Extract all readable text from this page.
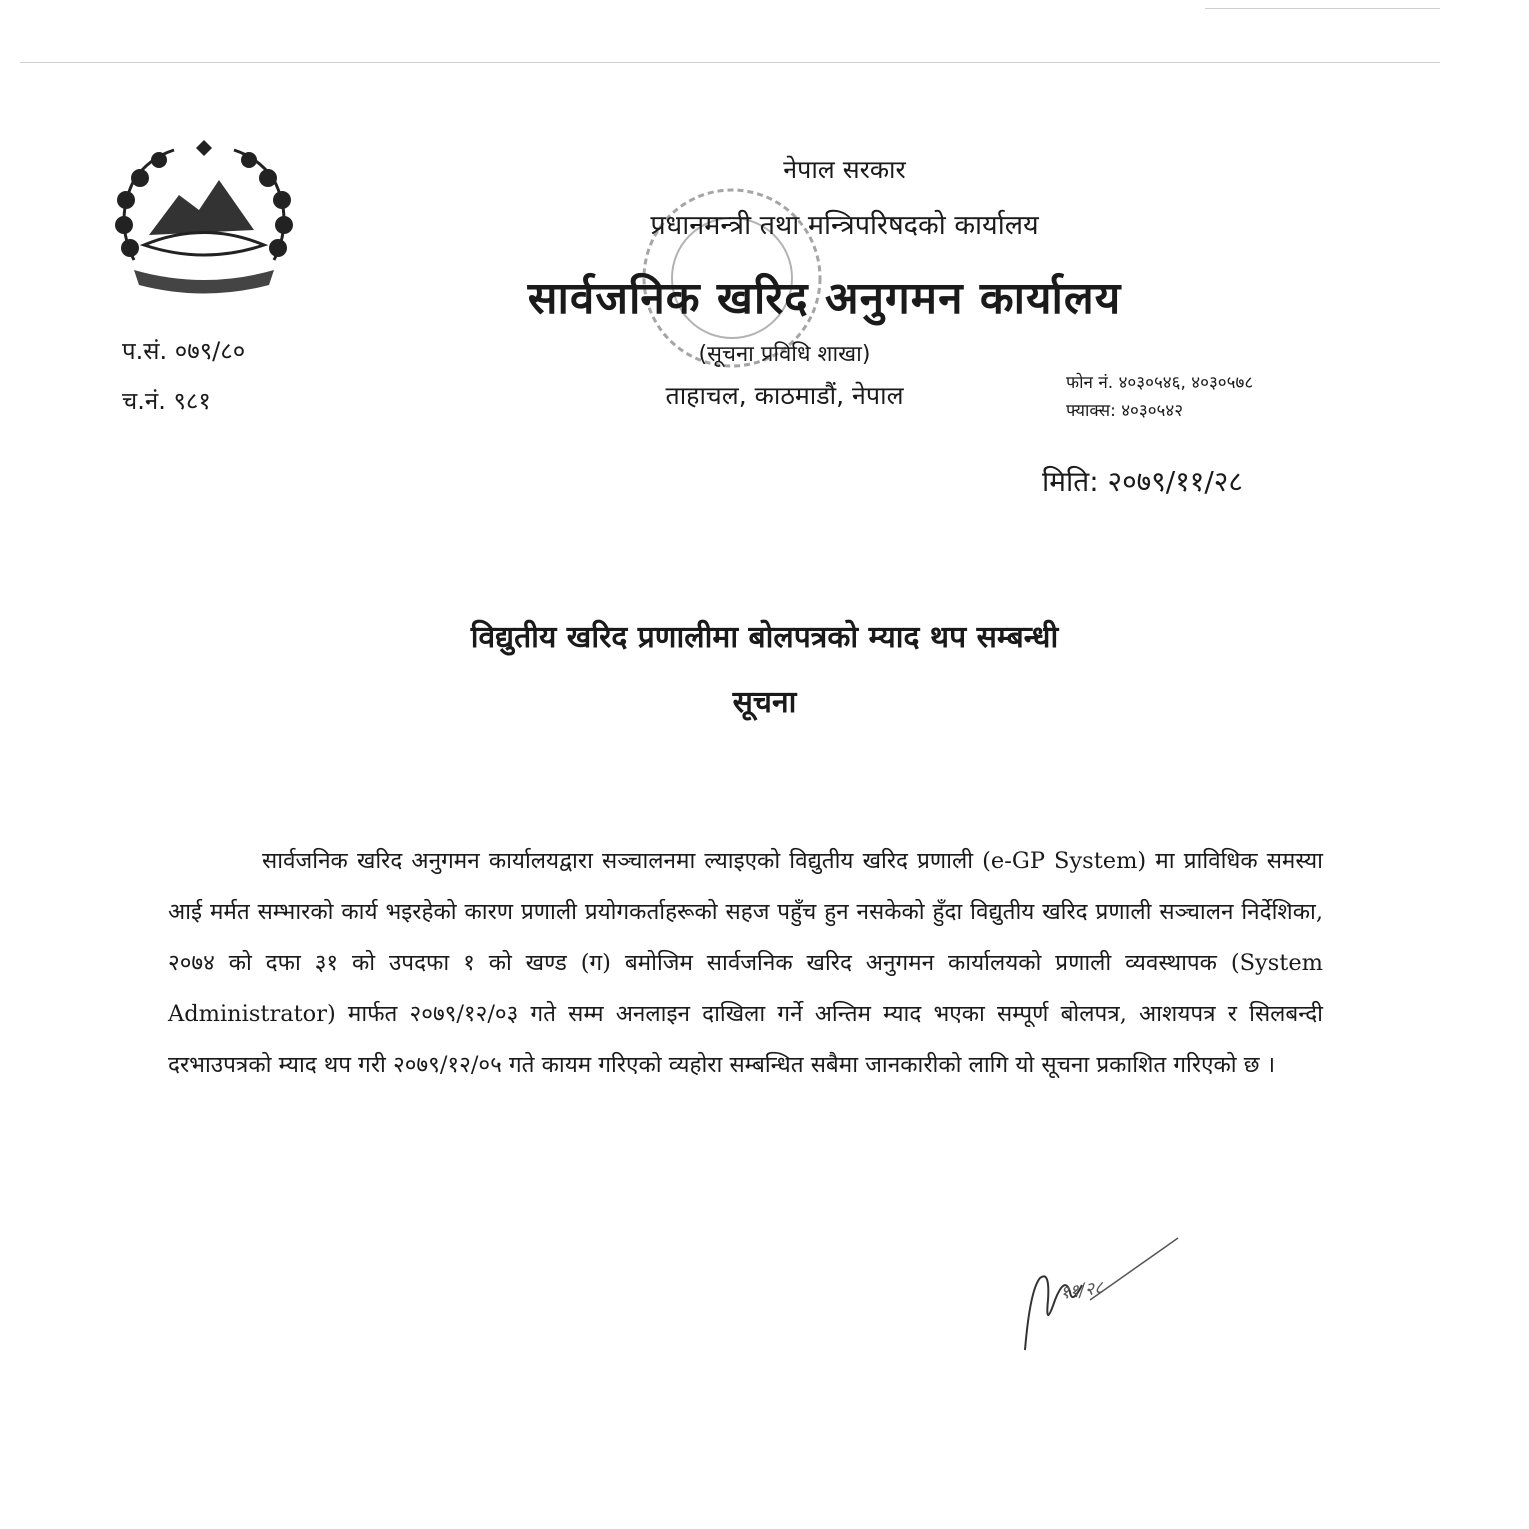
नेपाल सरकार
प्रधानमन्त्री तथा मन्त्रिपरिषदको कार्यालय
सार्वजनिक खरिद अनुगमन कार्यालय
(सूचना प्रविधि शाखा)
ताहाचल, काठमाडौं, नेपाल
प.सं. ०७९/८०
च.नं. ९८१
फोन नं. ४०३०५४६, ४०३०५७८
फ्याक्स: ४०३०५४२
मिति: २०७९/११/२८
विद्युतीय खरिद प्रणालीमा बोलपत्रको म्याद थप सम्बन्धी
सूचना
सार्वजनिक खरिद अनुगमन कार्यालयद्वारा सञ्चालनमा ल्याइएको विद्युतीय खरिद प्रणाली (e-GP System) मा प्राविधिक समस्या आई मर्मत सम्भारको कार्य भइरहेको कारण प्रणाली प्रयोगकर्ताहरूको सहज पहुँच हुन नसकेको हुँदा विद्युतीय खरिद प्रणाली सञ्चालन निर्देशिका, २०७४ को दफा ३१ को उपदफा १ को खण्ड (ग) बमोजिम सार्वजनिक खरिद अनुगमन कार्यालयको प्रणाली व्यवस्थापक (System Administrator) मार्फत २०७९/१२/०३ गते सम्म अनलाइन दाखिला गर्ने अन्तिम म्याद भएका सम्पूर्ण बोलपत्र, आशयपत्र र सिलबन्दी दरभाउपत्रको म्याद थप गरी २०७९/१२/०५ गते कायम गरिएको व्यहोरा सम्बन्धित सबैमा जानकारीको लागि यो सूचना प्रकाशित गरिएको छ ।
११/२८
